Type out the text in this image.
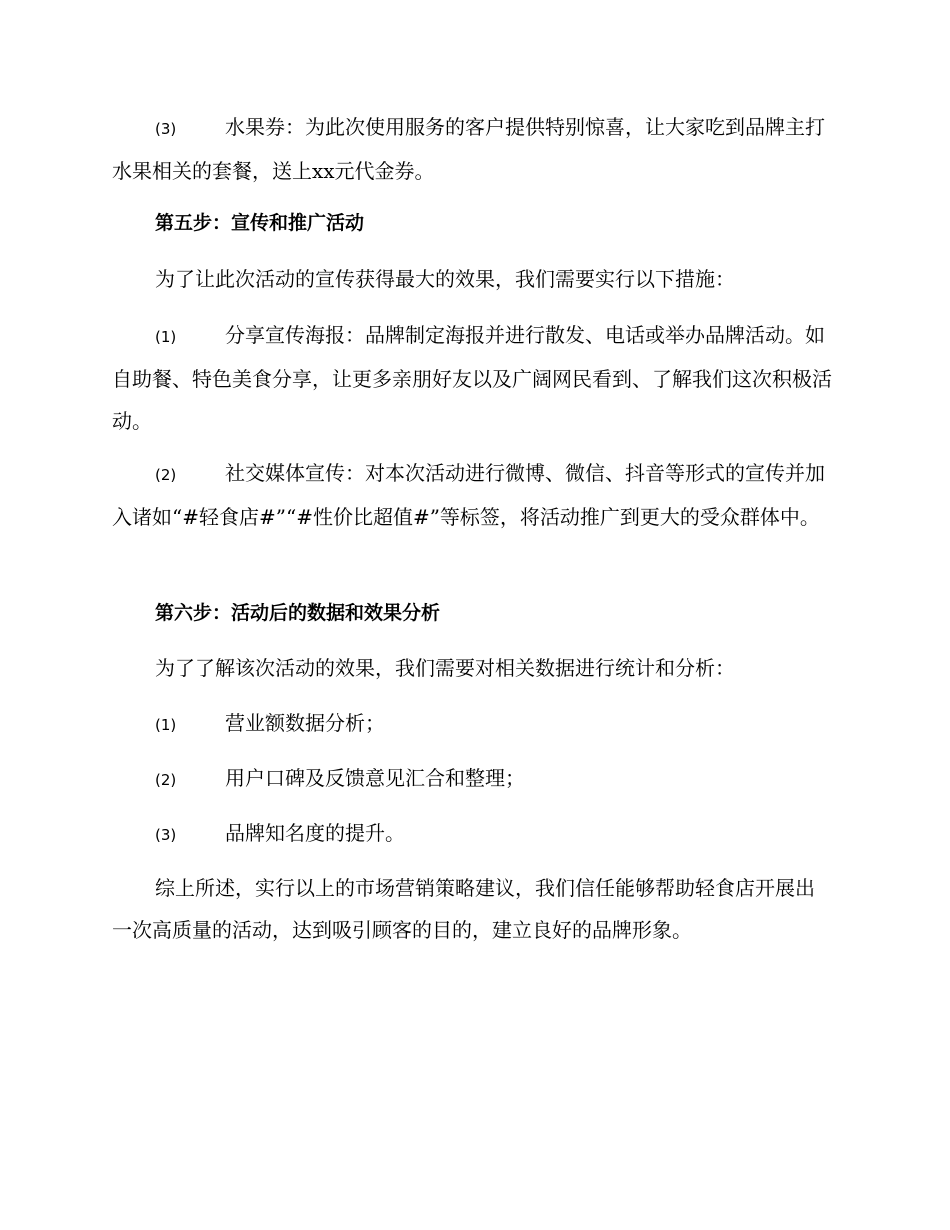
(3) 水果券：为此次使用服务的客户提供特别惊喜，让大家吃到品牌主打水果相关的套餐，送上xx元代金券。
第五步：宣传和推广活动
为了让此次活动的宣传获得最大的效果，我们需要实行以下措施：
(1) 分享宣传海报：品牌制定海报并进行散发、电话或举办品牌活动。如自助餐、特色美食分享，让更多亲朋好友以及广阔网民看到、了解我们这次积极活动。
(2) 社交媒体宣传：对本次活动进行微博、微信、抖音等形式的宣传并加入诸如“#轻食店#”“#性价比超值#”等标签，将活动推广到更大的受众群体中。
第六步：活动后的数据和效果分析
为了了解该次活动的效果，我们需要对相关数据进行统计和分析：
(1) 营业额数据分析；
(2) 用户口碑及反馈意见汇合和整理；
(3) 品牌知名度的提升。
综上所述，实行以上的市场营销策略建议，我们信任能够帮助轻食店开展出一次高质量的活动，达到吸引顾客的目的，建立良好的品牌形象。
